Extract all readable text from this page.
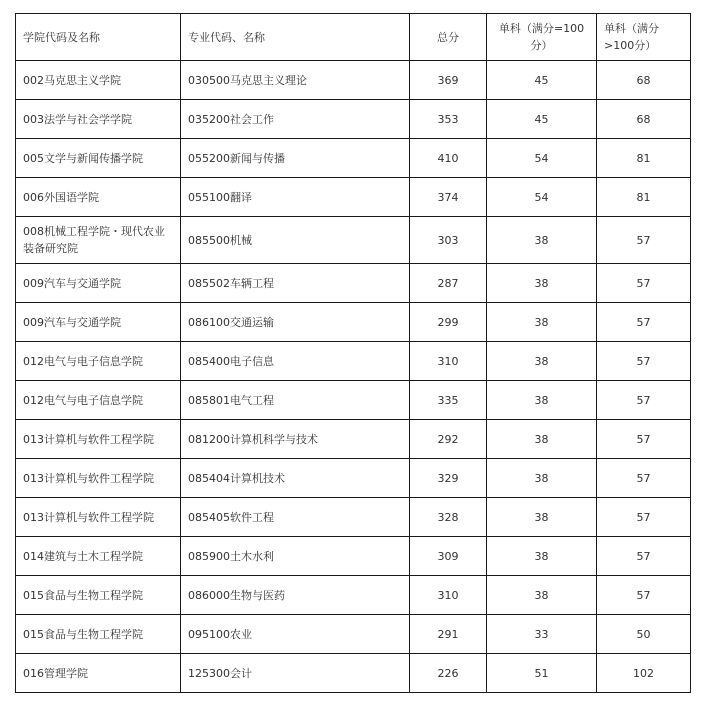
学院代码及名称	专业代码、名称	总分	单科（满分=100分）	单科（满分>100分）
002马克思主义学院	030500马克思主义理论	369	45	68
003法学与社会学学院	035200社会工作	353	45	68
005文学与新闻传播学院	055200新闻与传播	410	54	81
006外国语学院	055100翻译	374	54	81
008机械工程学院・现代农业装备研究院	085500机械	303	38	57
009汽车与交通学院	085502车辆工程	287	38	57
009汽车与交通学院	086100交通运输	299	38	57
012电气与电子信息学院	085400电子信息	310	38	57
012电气与电子信息学院	085801电气工程	335	38	57
013计算机与软件工程学院	081200计算机科学与技术	292	38	57
013计算机与软件工程学院	085404计算机技术	329	38	57
013计算机与软件工程学院	085405软件工程	328	38	57
014建筑与土木工程学院	085900土木水利	309	38	57
015食品与生物工程学院	086000生物与医药	310	38	57
015食品与生物工程学院	095100农业	291	33	50
016管理学院	125300会计	226	51	102
